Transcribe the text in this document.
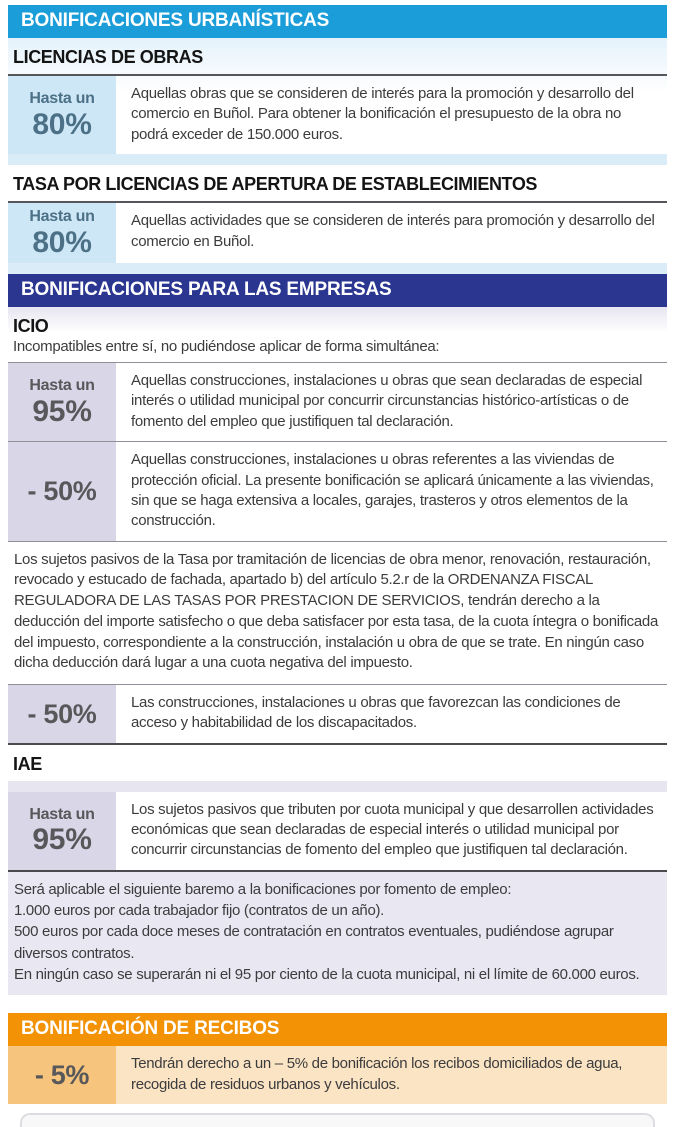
BONIFICACIONES URBANÍSTICAS
LICENCIAS DE OBRAS
Hasta un
80%
Aquellas obras que se consideren de interés para la promoción y desarrollo del comercio en Buñol. Para obtener la bonificación el presupuesto de la obra no podrá exceder de 150.000 euros.
TASA POR LICENCIAS DE APERTURA DE ESTABLECIMIENTOS
Hasta un
80%
Aquellas actividades que se consideren de interés para promoción y desarrollo del comercio en Buñol.
BONIFICACIONES PARA LAS EMPRESAS
ICIO
Incompatibles entre sí, no pudiéndose aplicar de forma simultánea:
Hasta un
95%
Aquellas construcciones, instalaciones u obras que sean declaradas de especial interés o utilidad municipal por concurrir circunstancias histórico-artísticas o de fomento del empleo que justifiquen tal declaración.
- 50%
Aquellas construcciones, instalaciones u obras referentes a las viviendas de protección oficial. La presente bonificación se aplicará únicamente a las viviendas, sin que se haga extensiva a locales, garajes, trasteros y otros elementos de la construcción.
Los sujetos pasivos de la Tasa por tramitación de licencias de obra menor, renovación, restauración, revocado y estucado de fachada, apartado b) del artículo 5.2.r de la ORDENANZA FISCAL REGULADORA DE LAS TASAS POR PRESTACION DE SERVICIOS, tendrán derecho a la deducción del importe satisfecho o que deba satisfacer por esta tasa, de la cuota íntegra o bonificada del impuesto, correspondiente a la construcción, instalación u obra de que se trate. En ningún caso dicha deducción dará lugar a una cuota negativa del impuesto.
- 50%	Las construcciones, instalaciones u obras que favorezcan las condiciones de acceso y habitabilidad de los discapacitados.
IAE
Hasta un
95%
Los sujetos pasivos que tributen por cuota municipal y que desarrollen actividades económicas que sean declaradas de especial interés o utilidad municipal por concurrir circunstancias de fomento del empleo que justifiquen tal declaración.
Será aplicable el siguiente baremo a la bonificaciones por fomento de empleo:
1.000 euros por cada trabajador fijo (contratos de un año).
500 euros por cada doce meses de contratación en contratos eventuales, pudiéndose agrupar diversos contratos.
En ningún caso se superarán ni el 95 por ciento de la cuota municipal, ni el límite de 60.000 euros.
BONIFICACIÓN DE RECIBOS
- 5%	Tendrán derecho a un – 5% de bonificación los recibos domiciliados de agua, recogida de residuos urbanos y vehículos.
